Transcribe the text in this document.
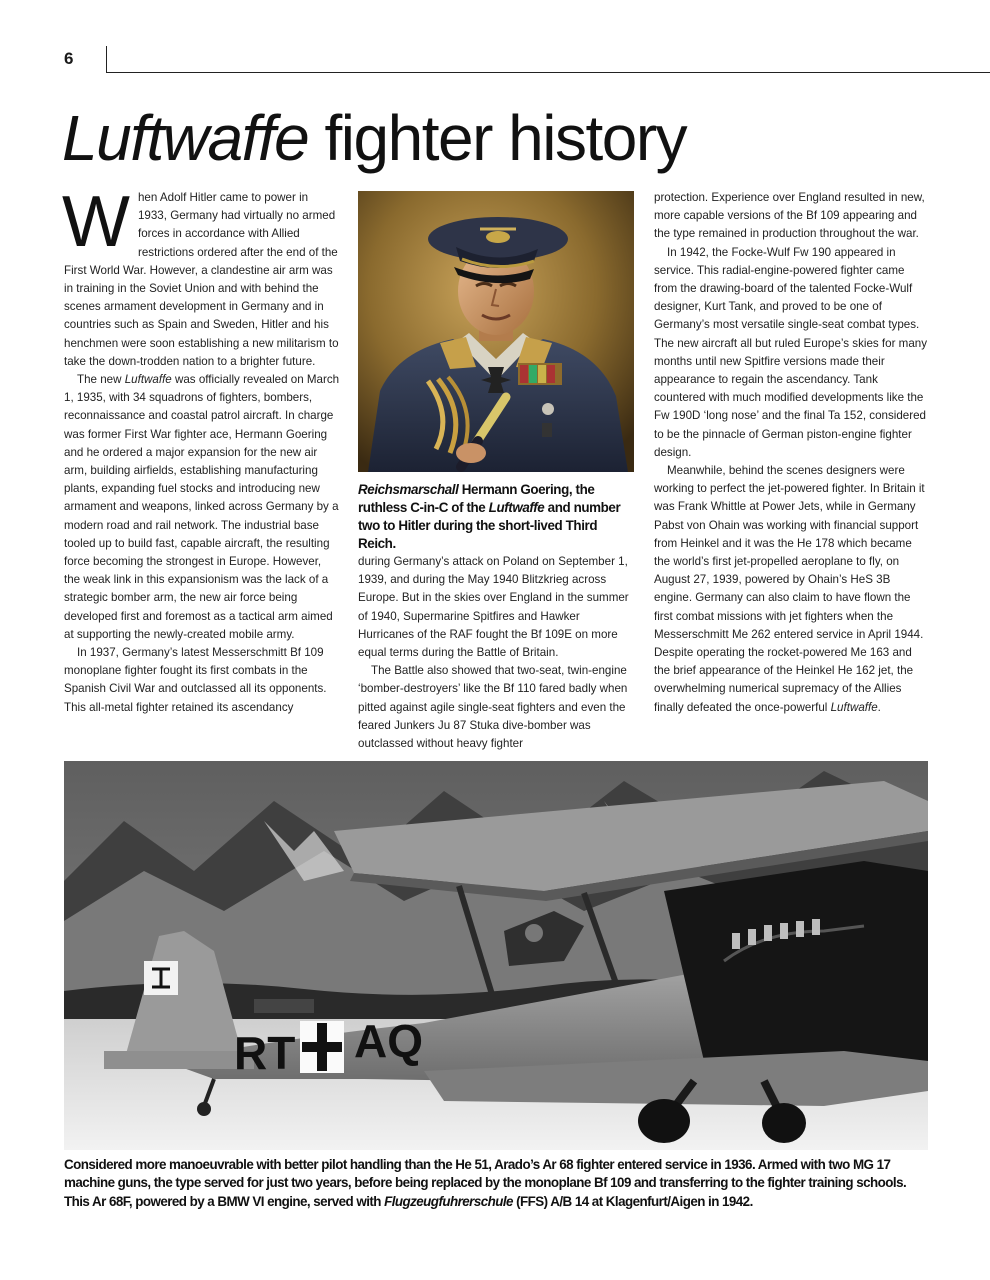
6
Luftwaffe fighter history

When Adolf Hitler came to power in 1933, Germany had virtually no armed forces in accordance with Allied restrictions ordered after the end of the First World War. However, a clandestine air arm was in training in the Soviet Union and with behind the scenes armament development in Germany and in countries such as Spain and Sweden, Hitler and his henchmen were soon establishing a new militarism to take the down-trodden nation to a brighter future.

The new Luftwaffe was officially revealed on March 1, 1935, with 34 squadrons of fighters, bombers, reconnaissance and coastal patrol aircraft. In charge was former First War fighter ace, Hermann Goering and he ordered a major expansion for the new air arm, building airfields, establishing manufacturing plants, expanding fuel stocks and introducing new armament and weapons, linked across Germany by a modern road and rail network. The industrial base tooled up to build fast, capable aircraft, the resulting force becoming the strongest in Europe. However, the weak link in this expansionism was the lack of a strategic bomber arm, the new air force being developed first and foremost as a tactical arm aimed at supporting the newly-created mobile army.

In 1937, Germany’s latest Messerschmitt Bf 109 monoplane fighter fought its first combats in the Spanish Civil War and outclassed all its opponents. This all-metal fighter retained its ascendancy

Reichsmarschall Hermann Goering, the ruthless C-in-C of the Luftwaffe and number two to Hitler during the short-lived Third Reich.

during Germany’s attack on Poland on September 1, 1939, and during the May 1940 Blitzkrieg across Europe. But in the skies over England in the summer of 1940, Supermarine Spitfires and Hawker Hurricanes of the RAF fought the Bf 109E on more equal terms during the Battle of Britain.

The Battle also showed that two-seat, twin-engine ‘bomber-destroyers’ like the Bf 110 fared badly when pitted against agile single-seat fighters and even the feared Junkers Ju 87 Stuka dive-bomber was outclassed without heavy fighter

protection. Experience over England resulted in new, more capable versions of the Bf 109 appearing and the type remained in production throughout the war.

In 1942, the Focke-Wulf Fw 190 appeared in service. This radial-engine-powered fighter came from the drawing-board of the talented Focke-Wulf designer, Kurt Tank, and proved to be one of Germany’s most versatile single-seat combat types. The new aircraft all but ruled Europe’s skies for many months until new Spitfire versions made their appearance to regain the ascendancy. Tank countered with much modified developments like the Fw 190D ‘long nose’ and the final Ta 152, considered to be the pinnacle of German piston-engine fighter design.

Meanwhile, behind the scenes designers were working to perfect the jet-powered fighter. In Britain it was Frank Whittle at Power Jets, while in Germany Pabst von Ohain was working with financial support from Heinkel and it was the He 178 which became the world’s first jet-propelled aeroplane to fly, on August 27, 1939, powered by Ohain’s HeS 3B engine. Germany can also claim to have flown the first combat missions with jet fighters when the Messerschmitt Me 262 entered service in April 1944. Despite operating the rocket-powered Me 163 and the brief appearance of the Heinkel He 162 jet, the overwhelming numerical supremacy of the Allies finally defeated the once-powerful Luftwaffe.

RT AQ
Considered more manoeuvrable with better pilot handling than the He 51, Arado’s Ar 68 fighter entered service in 1936. Armed with two MG 17 machine guns, the type served for just two years, before being replaced by the monoplane Bf 109 and transferring to the fighter training schools. This Ar 68F, powered by a BMW VI engine, served with Flugzeugfuhrerschule (FFS) A/B 14 at Klagenfurt/Aigen in 1942.
